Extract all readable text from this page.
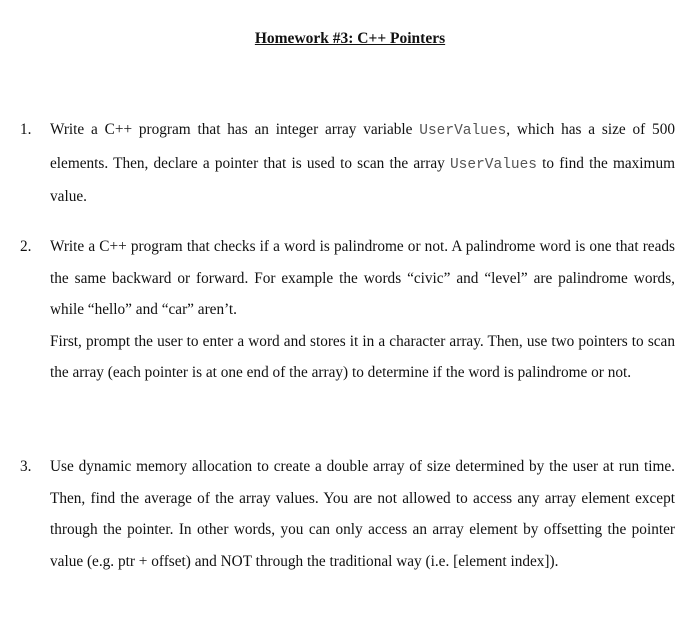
Homework #3: C++ Pointers
1. Write a C++ program that has an integer array variable UserValues, which has a size of 500 elements. Then, declare a pointer that is used to scan the array UserValues to find the maximum value.

2. Write a C++ program that checks if a word is palindrome or not. A palindrome word is one that reads the same backward or forward. For example the words “civic” and “level” are palindrome words, while “hello” and “car” aren’t.

First, prompt the user to enter a word and stores it in a character array. Then, use two pointers to scan the array (each pointer is at one end of the array) to determine if the word is palindrome or not.

3. Use dynamic memory allocation to create a double array of size determined by the user at run time. Then, find the average of the array values. You are not allowed to access any array element except through the pointer. In other words, you can only access an array element by offsetting the pointer value (e.g. ptr + offset) and NOT through the traditional way (i.e. [element index]).
